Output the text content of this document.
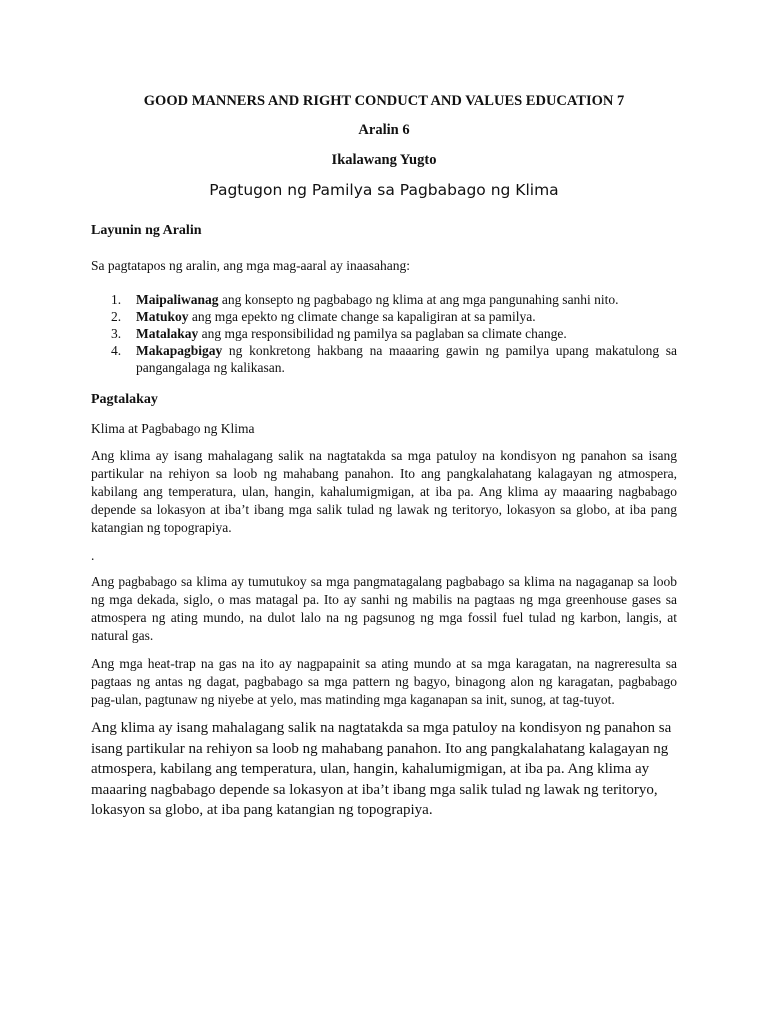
GOOD MANNERS AND RIGHT CONDUCT AND VALUES EDUCATION 7
Aralin 6
Ikalawang Yugto
Pagtugon ng Pamilya sa Pagbabago ng Klima
Layunin ng Aralin
Sa pagtatapos ng aralin, ang mga mag-aaral ay inaasahang:
1. Maipaliwanag ang konsepto ng pagbabago ng klima at ang mga pangunahing sanhi nito.
2. Matukoy ang mga epekto ng climate change sa kapaligiran at sa pamilya.
3. Matalakay ang mga responsibilidad ng pamilya sa paglaban sa climate change.
4. Makapagbigay ng konkretong hakbang na maaaring gawin ng pamilya upang makatulong sa pangangalaga ng kalikasan.
Pagtalakay
Klima at Pagbabago ng Klima
Ang klima ay isang mahalagang salik na nagtatakda sa mga patuloy na kondisyon ng panahon sa isang partikular na rehiyon sa loob ng mahabang panahon. Ito ang pangkalahatang kalagayan ng atmospera, kabilang ang temperatura, ulan, hangin, kahalumigmigan, at iba pa. Ang klima ay maaaring nagbabago depende sa lokasyon at iba’t ibang mga salik tulad ng lawak ng teritoryo, lokasyon sa globo, at iba pang katangian ng topograpiya.
.
Ang pagbabago sa klima ay tumutukoy sa mga pangmatagalang pagbabago sa klima na nagaganap sa loob ng mga dekada, siglo, o mas matagal pa. Ito ay sanhi ng mabilis na pagtaas ng mga greenhouse gases sa atmospera ng ating mundo, na dulot lalo na ng pagsunog ng mga fossil fuel tulad ng karbon, langis, at natural gas.
Ang mga heat-trap na gas na ito ay nagpapainit sa ating mundo at sa mga karagatan, na nagreresulta sa pagtaas ng antas ng dagat, pagbabago sa mga pattern ng bagyo, binagong alon ng karagatan, pagbabago pag-ulan, pagtunaw ng niyebe at yelo, mas matinding mga kaganapan sa init, sunog, at tag-tuyot.
Ang klima ay isang mahalagang salik na nagtatakda sa mga patuloy na kondisyon ng panahon sa isang partikular na rehiyon sa loob ng mahabang panahon. Ito ang pangkalahatang kalagayan ng atmospera, kabilang ang temperatura, ulan, hangin, kahalumigmigan, at iba pa. Ang klima ay maaaring nagbabago depende sa lokasyon at iba’t ibang mga salik tulad ng lawak ng teritoryo, lokasyon sa globo, at iba pang katangian ng topograpiya.
